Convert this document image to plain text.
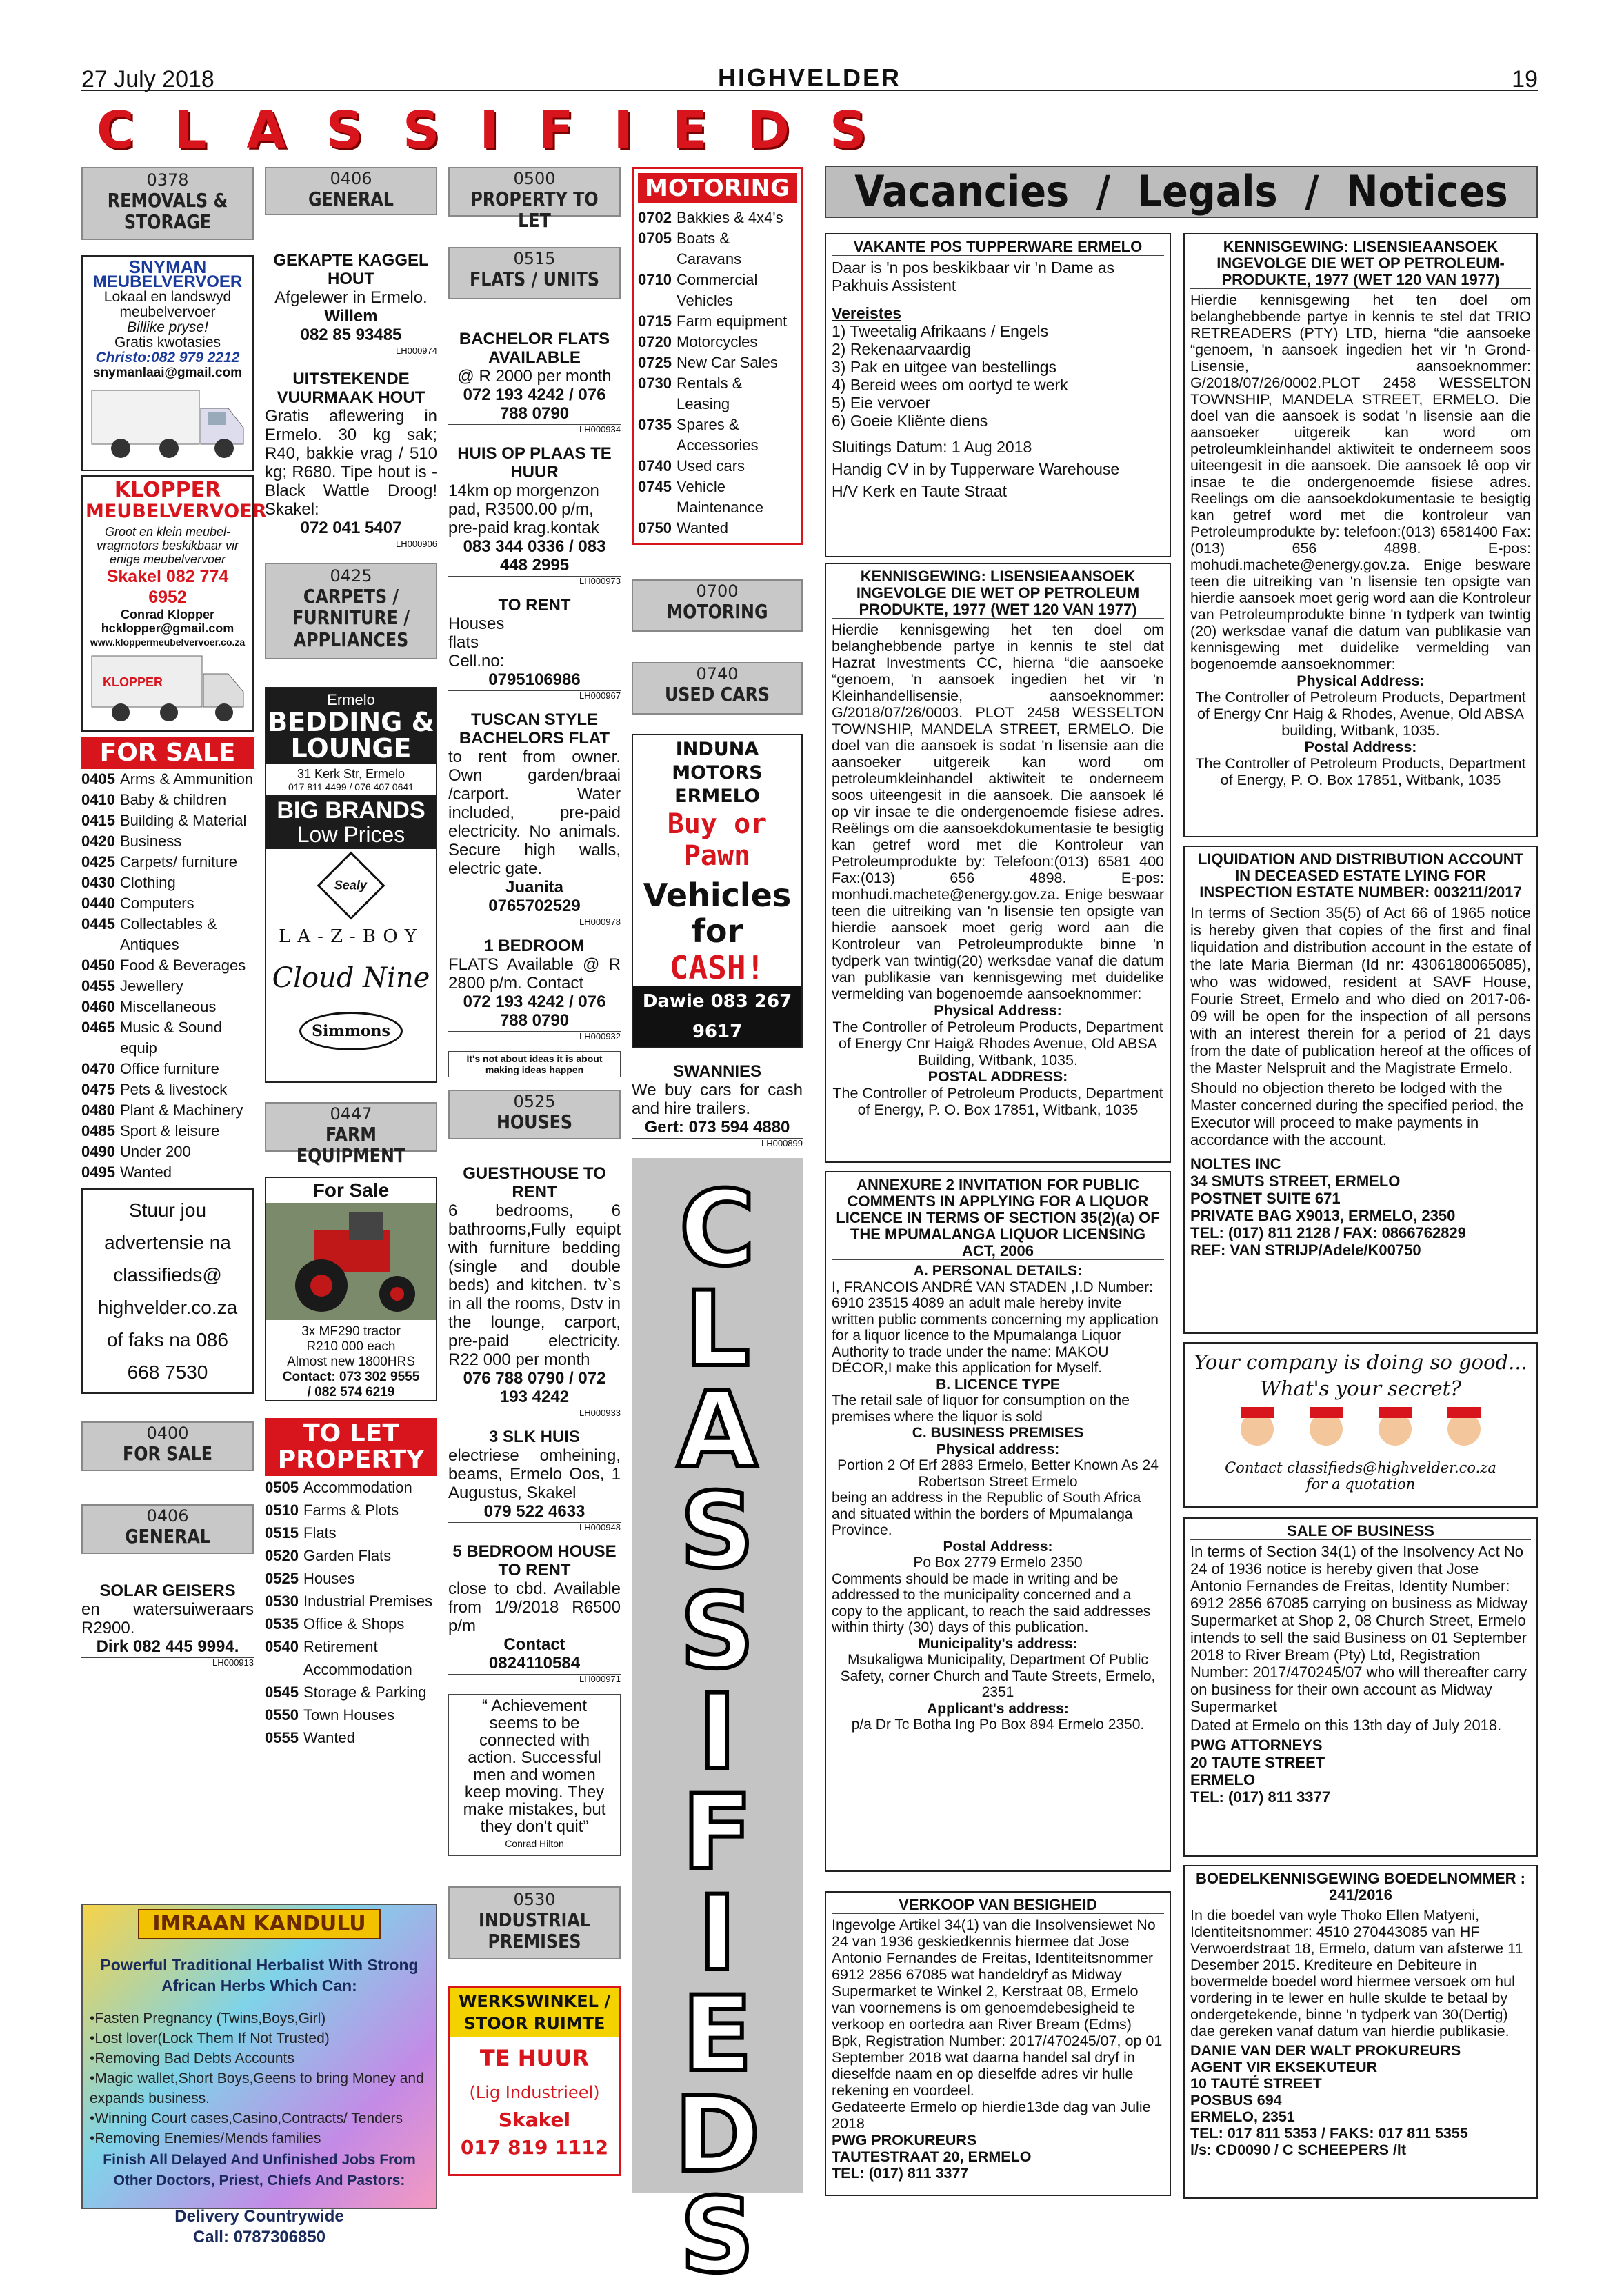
27 July 2018	HIGHVELDER	19
C L A S S I F I E D S
0378
REMOVALS & STORAGE
SNYMAN
MEUBELVERVOER
Lokaal en landswyd
meubelvervoer
Billike pryse!
Gratis kwotasies
Christo:082 979 2212
snymanlaai@gmail.com
KLOPPER
MEUBELVERVOER
Groot en klein meubel-
vragmotors beskikbaar vir
enige meubelvervoer
Skakel 082 774 6952
Conrad Klopper
hcklopper@gmail.com
www.kloppermeubelvervoer.co.za
KLOPPER
FOR SALE
0405 Arms & Ammunition
0410 Baby & children
0415 Building & Material
0420 Business
0425 Carpets/ furniture
0430 Clothing
0440 Computers
0445 Collectables & Antiques
0450 Food & Beverages
0455 Jewellery
0460 Miscellaneous
0465 Music & Sound equip
0470 Office furniture
0475 Pets & livestock
0480 Plant & Machinery
0485 Sport & leisure
0490 Under 200
0495 Wanted
Stuur jou advertensie na classifieds@ highvelder.co.za of faks na 086 668 7530
0400
FOR SALE
0406
GENERAL
SOLAR GEISERS
en watersuiweraars R2900.
Dirk 082 445 9994.
LH000913
0406
GENERAL
GEKAPTE KAGGEL HOUT
Afgelewer in Ermelo.
Willem
082 85 93485
LH000974
UITSTEKENDE VUURMAAK HOUT
Gratis aflewering in Ermelo. 30 kg sak; R40, bakkie vrag / 510 kg; R680. Tipe hout is - Black Wattle Droog! Skakel:
072 041 5407
LH000906
0425
CARPETS / FURNITURE / APPLIANCES
Ermelo
BEDDING & LOUNGE
31 Kerk Str, Ermelo
017 811 4499 / 076 407 0641
BIG BRANDS
Low Prices
Sealy
LA-Z-BOY
Cloud Nine
Simmons
0447
FARM EQUIPMENT
For Sale
3x MF290 tractor
R210 000 each
Almost new 1800HRS
Contact: 073 302 9555
/ 082 574 6219
TO LET PROPERTY
0505 Accommodation
0510 Farms & Plots
0515 Flats
0520 Garden Flats
0525 Houses
0530 Industrial Premises
0535 Office & Shops
0540 Retirement Accommodation
0545 Storage & Parking
0550 Town Houses
0555 Wanted
0500
PROPERTY TO LET
0515
FLATS / UNITS
BACHELOR FLATS AVAILABLE
@ R 2000 per month
072 193 4242 / 076 788 0790
LH000934
HUIS OP PLAAS TE HUUR
14km op morgenzon pad, R3500.00 p/m, pre-paid krag.kontak
083 344 0336 / 083 448 2995
LH000973
TO RENT
Houses flats Cell.no:
0795106986
LH000967
TUSCAN STYLE BACHELORS FLAT
to rent from owner. Own garden/braai /carport. Water included, pre-paid electricity. No animals. Secure high walls, electric gate.
Juanita
0765702529
LH000978
1 BEDROOM
FLATS Available @ R 2800 p/m. Contact
072 193 4242 / 076 788 0790
LH000932
It's not about ideas it is about making ideas happen
0525
HOUSES
GUESTHOUSE TO RENT
6 bedrooms, 6 bathrooms,Fully equipt with furniture bedding (single and double beds) and kitchen. tv`s in all the rooms, Dstv in the lounge, carport, pre-paid electricity. R22 000 per month
076 788 0790 / 072 193 4242
LH000933
3 SLK HUIS
electriese omheining, beams, Ermelo Oos, 1 Augustus, Skakel
079 522 4633
LH000948
5 BEDROOM HOUSE TO RENT
close to cbd. Available from 1/9/2018 R6500 p/m
Contact
0824110584
LH000971
“ Achievement seems to be connected with action. Successful men and women keep moving. They make mistakes, but they don't quit”
Conrad Hilton
0530
INDUSTRIAL PREMISES
WERKSWINKEL / STOOR RUIMTE
TE HUUR
(Lig Industrieel)
Skakel
017 819 1112
MOTORING
0702 Bakkies & 4x4's
0705 Boats & Caravans
0710 Commercial Vehicles
0715 Farm equipment
0720 Motorcycles
0725 New Car Sales
0730 Rentals & Leasing
0735 Spares & Accessories
0740 Used cars
0745 Vehicle Maintenance
0750 Wanted
0700
MOTORING
0740
USED CARS
INDUNA MOTORS ERMELO
Buy or
Pawn
Vehicles
for
CASH!
Dawie 083 267 9617
SWANNIES
We buy cars for cash and hire trailers.
Gert: 073 594 4880
LH000899
C
L
A
S
S
I
F
I
E
D
S
IMRAAN KANDULU
Powerful Traditional Herbalist With Strong African Herbs Which Can:
•Fasten Pregnancy (Twins,Boys,Girl)
•Lost lover(Lock Them If Not Trusted)
•Removing Bad Debts Accounts
•Magic wallet,Short Boys,Geens to bring Money and expands business.
•Winning Court cases,Casino,Contracts/ Tenders
•Removing Enemies/Mends families
Finish All Delayed And Unfinished Jobs From Other Doctors, Priest, Chiefs And Pastors:
Delivery Countrywide
Call: 0787306850
Vacancies / Legals / Notices
VAKANTE POS TUPPERWARE ERMELO
Daar is 'n pos beskikbaar vir 'n Dame as Pakhuis Assistent
Vereistes
1) Tweetalig Afrikaans / Engels
2) Rekenaarvaardig
3) Pak en uitgee van bestellings
4) Bereid wees om oortyd te werk
5) Eie vervoer
6) Goeie Kliënte diens
Sluitings Datum: 1 Aug 2018
Handig CV in by Tupperware Warehouse
H/V Kerk en Taute Straat
KENNISGEWING: LISENSIEAANSOEK INGEVOLGE DIE WET OP PETROLEUM PRODUKTE, 1977 (WET 120 VAN 1977)
Hierdie kennisgewing het ten doel om belanghebbende partye in kennis te stel dat Hazrat Investments CC, hierna “die aansoeke “genoem, 'n aansoek ingedien het vir 'n Kleinhandellisensie, aansoeknommer: G/2018/07/26/0003. PLOT 2458 WESSELTON TOWNSHIP, MANDELA STREET, ERMELO. Die doel van die aansoek is sodat 'n lisensie aan die aansoeker uitgereik kan word om petroleumkleinhandel aktiwiteit te onderneem soos uiteengesit in die aansoek. Die aansoek lé op vir insae te die ondergenoemde fisiese adres. Reëlings om die aansoekdokumentasie te besigtig kan getref word met die Kontroleur van Petroleumprodukte by: Telefoon:(013) 6581 400 Fax:(013) 656 4898. E-pos: monhudi.machete@energy.gov.za. Enige beswaar teen die uitreiking van 'n lisensie ten opsigte van hierdie aansoek moet gerig word aan die Kontroleur van Petroleumprodukte binne 'n tydperk van twintig(20) werksdae vanaf die datum van publikasie van kennisgewing met duidelike vermelding van bogenoemde aansoeknommer:
Physical Address:
The Controller of Petroleum Products, Department of Energy Cnr Haig& Rhodes Avenue, Old ABSA Building, Witbank, 1035.
POSTAL ADDRESS:
The Controller of Petroleum Products, Department of Energy, P. O. Box 17851, Witbank, 1035
ANNEXURE 2 INVITATION FOR PUBLIC COMMENTS IN APPLYING FOR A LIQUOR LICENCE IN TERMS OF SECTION 35(2)(a) OF THE MPUMALANGA LIQUOR LICENSING ACT, 2006
A. PERSONAL DETAILS:
I, FRANCOIS ANDRÉ VAN STADEN ,I.D Number: 6910 23515 4089 an adult male hereby invite written public comments concerning my application for a liquor licence to the Mpumalanga Liquor Authority to trade under the name: MAKOU DÉCOR,I make this application for Myself.
B. LICENCE TYPE
The retail sale of liquor for consumption on the premises where the liquor is sold
C. BUSINESS PREMISES
Physical address:
Portion 2 Of Erf 2883 Ermelo, Better Known As 24 Robertson Street Ermelo
being an address in the Republic of South Africa and situated within the borders of Mpumalanga Province.
Postal Address:
Po Box 2779 Ermelo 2350
Comments should be made in writing and be addressed to the municipality concerned and a copy to the applicant, to reach the said addresses within thirty (30) days of this publication.
Municipality's address:
Msukaligwa Municipality, Department Of Public Safety, corner Church and Taute Streets, Ermelo, 2351
Applicant's address:
p/a Dr Tc Botha Ing Po Box 894 Ermelo 2350.
VERKOOP VAN BESIGHEID
Ingevolge Artikel 34(1) van die Insolvensiewet No 24 van 1936 geskiedkennis hiermee dat Jose Antonio Fernandes de Freitas, Identiteitsnommer 6912 2856 67085 wat handeldryf as Midway Supermarket te Winkel 2, Kerstraat 08, Ermelo van voornemens is om genoemdebesigheid te verkoop en oortedra aan River Bream (Edms) Bpk, Registration Number: 2017/470245/07, op 01 September 2018 wat daarna handel sal dryf in dieselfde naam en op dieselfde adres vir hulle rekening en voordeel.
Gedateerte Ermelo op hierdie13de dag van Julie 2018
PWG PROKUREURS
TAUTESTRAAT 20, ERMELO
TEL: (017) 811 3377
KENNISGEWING: LISENSIEAANSOEK INGEVOLGE DIE WET OP PETROLEUM-PRODUKTE, 1977 (WET 120 VAN 1977)
Hierdie kennisgewing het ten doel om belanghebbende partye in kennis te stel dat TRIO RETREADERS (PTY) LTD, hierna “die aansoeke “genoem, 'n aansoek ingedien het vir 'n Grond-Lisensie, aansoeknommer: G/2018/07/26/0002.PLOT 2458 WESSELTON TOWNSHIP, MANDELA STREET, ERMELO. Die doel van die aansoek is sodat 'n lisensie aan die aansoeker uitgereik kan word om petroleumkleinhandel aktiwiteit te onderneem soos uiteengesit in die aansoek. Die aansoek lê oop vir insae te die ondergenoemde fisiese adres. Reelings om die aansoekdokumentasie te besigtig kan getref word met die kontroleur van Petroleumprodukte by: telefoon:(013) 6581400 Fax: (013) 656 4898. E-pos: mohudi.machete@energy.gov.za. Enige besware teen die uitreiking van 'n lisensie ten opsigte van hierdie aansoek moet gerig word aan die Kontroleur van Petroleumprodukte binne 'n tydperk van twintig (20) werksdae vanaf die datum van publikasie van kennisgewing met duidelike vermelding van bogenoemde aansoeknommer:
Physical Address:
The Controller of Petroleum Products, Department of Energy Cnr Haig & Rhodes, Avenue, Old ABSA building, Witbank, 1035.
Postal Address:
The Controller of Petroleum Products, Department of Energy, P. O. Box 17851, Witbank, 1035
LIQUIDATION AND DISTRIBUTION ACCOUNT IN DECEASED ESTATE LYING FOR INSPECTION ESTATE NUMBER: 003211/2017
In terms of Section 35(5) of Act 66 of 1965 notice is hereby given that copies of the first and final liquidation and distribution account in the estate of the late Maria Bierman (Id nr: 4306180065085), who was widowed, resident at SAVF House, Fourie Street, Ermelo and who died on 2017-06-09 will be open for the inspection of all persons with an interest therein for a period of 21 days from the date of publication hereof at the offices of the Master Nelspruit and the Magistrate Ermelo.
Should no objection thereto be lodged with the Master concerned during the specified period, the Executor will proceed to make payments in accordance with the account.
NOLTES INC
34 SMUTS STREET, ERMELO
POSTNET SUITE 671
PRIVATE BAG X9013, ERMELO, 2350
TEL: (017) 811 2128 / FAX: 0866762829
REF: VAN STRIJP/Adele/K00750
Your company is doing so good...
What's your secret?
Contact classifieds@highvelder.co.za
for a quotation
SALE OF BUSINESS
In terms of Section 34(1) of the Insolvency Act No 24 of 1936 notice is hereby given that Jose Antonio Fernandes de Freitas, Identity Number: 6912 2856 67085 carrying on business as Midway Supermarket at Shop 2, 08 Church Street, Ermelo intends to sell the said Business on 01 September 2018 to River Bream (Pty) Ltd, Registration Number: 2017/470245/07 who will thereafter carry on business for their own account as Midway Supermarket
Dated at Ermelo on this 13th day of July 2018.
PWG ATTORNEYS
20 TAUTE STREET
ERMELO
TEL: (017) 811 3377
BOEDELKENNISGEWING BOEDELNOMMER : 241/2016
In die boedel van wyle Thoko Ellen Matyeni, Identiteitsnommer: 4510 270443085 van HF Verwoerdstraat 18, Ermelo, datum van afsterwe 11 Desember 2015. Krediteure en Debiteure in bovermelde boedel word hiermee versoek om hul vordering in te lewer en hulle skulde te betaal by ondergetekende, binne 'n tydperk van 30(Dertig) dae gereken vanaf datum van hierdie publikasie.
DANIE VAN DER WALT PROKUREURS
AGENT VIR EKSEKUTEUR
10 TAUTÉ STREET
POSBUS 694
ERMELO, 2351
TEL: 017 811 5353 / FAKS: 017 811 5355
l/s: CD0090 / C SCHEEPERS /lt
